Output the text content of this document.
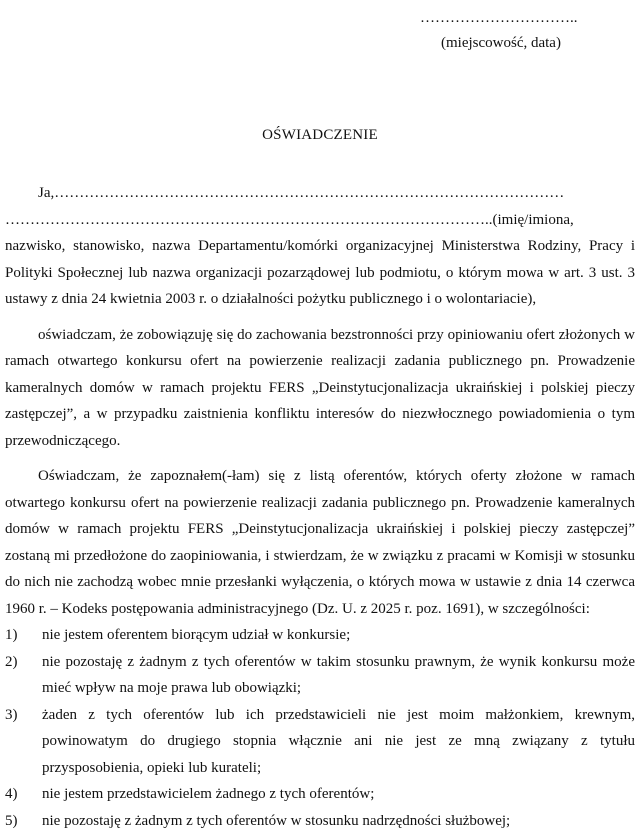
…………………………..
(miejscowość, data)
OŚWIADCZENIE

Ja,…………………………………………………………………………………………

……………………………………………………………………………………..(imię/imiona,

nazwisko, stanowisko, nazwa Departamentu/komórki organizacyjnej Ministerstwa Rodziny, Pracy i Polityki Społecznej lub nazwa organizacji pozarządowej lub podmiotu, o którym mowa w art. 3 ust. 3 ustawy z dnia 24 kwietnia 2003 r. o działalności pożytku publicznego i o wolontariacie),

oświadczam, że zobowiązuję się do zachowania bezstronności przy opiniowaniu ofert złożonych w ramach otwartego konkursu ofert na powierzenie realizacji zadania publicznego pn. Prowadzenie kameralnych domów w ramach projektu FERS „Deinstytucjonalizacja ukraińskiej i polskiej pieczy zastępczej”, a w przypadku zaistnienia konfliktu interesów do niezwłocznego powiadomienia o tym przewodniczącego.

Oświadczam, że zapoznałem(-łam) się z listą oferentów, których oferty złożone w ramach otwartego konkursu ofert na powierzenie realizacji zadania publicznego pn. Prowadzenie kameralnych domów w ramach projektu FERS „Deinstytucjonalizacja ukraińskiej i polskiej pieczy zastępczej” zostaną mi przedłożone do zaopiniowania, i stwierdzam, że w związku z pracami w Komisji w stosunku do nich nie zachodzą wobec mnie przesłanki wyłączenia, o których mowa w ustawie z dnia 14 czerwca 1960 r. – Kodeks postępowania administracyjnego (Dz. U. z 2025 r. poz. 1691), w szczególności:

1) nie jestem oferentem biorącym udział w konkursie;
2) nie pozostaję z żadnym z tych oferentów w takim stosunku prawnym, że wynik konkursu może mieć wpływ na moje prawa lub obowiązki;
3) żaden z tych oferentów lub ich przedstawicieli nie jest moim małżonkiem, krewnym, powinowatym do drugiego stopnia włącznie ani nie jest ze mną związany z tytułu przysposobienia, opieki lub kurateli;
4) nie jestem przedstawicielem żadnego z tych oferentów;
5) nie pozostaję z żadnym z tych oferentów w stosunku nadrzędności służbowej;
